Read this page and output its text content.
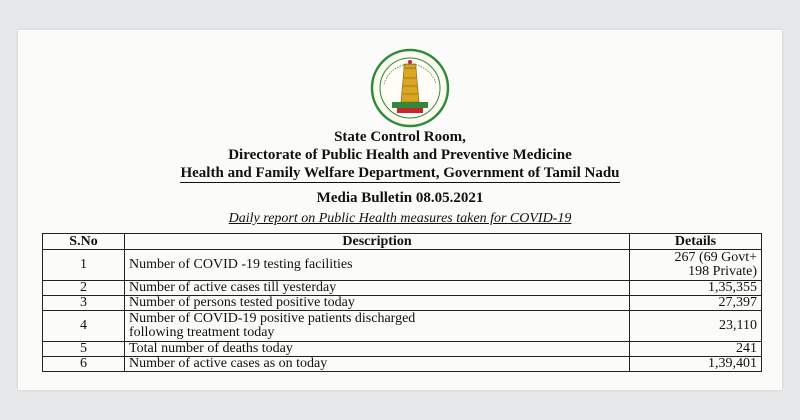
State Control Room,
Directorate of Public Health and Preventive Medicine
Health and Family Welfare Department, Government of Tamil Nadu
Media Bulletin 08.05.2021
Daily report on Public Health measures taken for COVID-19
S.No	Description	Details
1	Number of COVID -19 testing facilities	267 (69 Govt+
198 Private)

2	Number of active cases till yesterday	1,35,355
3	Number of persons tested positive today	27,397
4	Number of COVID-19 positive patients discharged
following treatment today	23,110
5	Total number of deaths today	241
6	Number of active cases as on today	1,39,401
